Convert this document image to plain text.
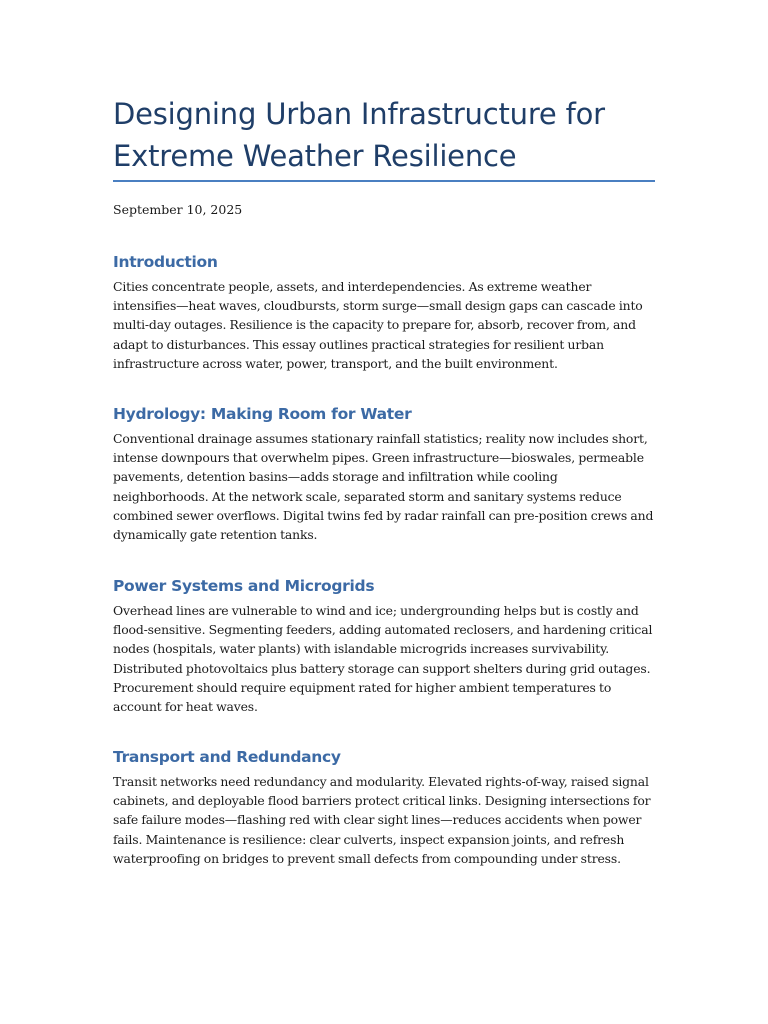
Designing Urban Infrastructure for Extreme Weather Resilience
September 10, 2025
Introduction

Cities concentrate people, assets, and interdependencies. As extreme weather intensifies—heat waves, cloudbursts, storm surge—small design gaps can cascade into multi-day outages. Resilience is the capacity to prepare for, absorb, recover from, and adapt to disturbances. This essay outlines practical strategies for resilient urban infrastructure across water, power, transport, and the built environment.

Hydrology: Making Room for Water

Conventional drainage assumes stationary rainfall statistics; reality now includes short, intense downpours that overwhelm pipes. Green infrastructure—bioswales, permeable pavements, detention basins—adds storage and infiltration while cooling neighborhoods. At the network scale, separated storm and sanitary systems reduce combined sewer overflows. Digital twins fed by radar rainfall can pre-position crews and dynamically gate retention tanks.

Power Systems and Microgrids

Overhead lines are vulnerable to wind and ice; undergrounding helps but is costly and flood-sensitive. Segmenting feeders, adding automated reclosers, and hardening critical nodes (hospitals, water plants) with islandable microgrids increases survivability. Distributed photovoltaics plus battery storage can support shelters during grid outages. Procurement should require equipment rated for higher ambient temperatures to account for heat waves.

Transport and Redundancy

Transit networks need redundancy and modularity. Elevated rights-of-way, raised signal cabinets, and deployable flood barriers protect critical links. Designing intersections for safe failure modes—flashing red with clear sight lines—reduces accidents when power fails. Maintenance is resilience: clear culverts, inspect expansion joints, and refresh waterproofing on bridges to prevent small defects from compounding under stress.
